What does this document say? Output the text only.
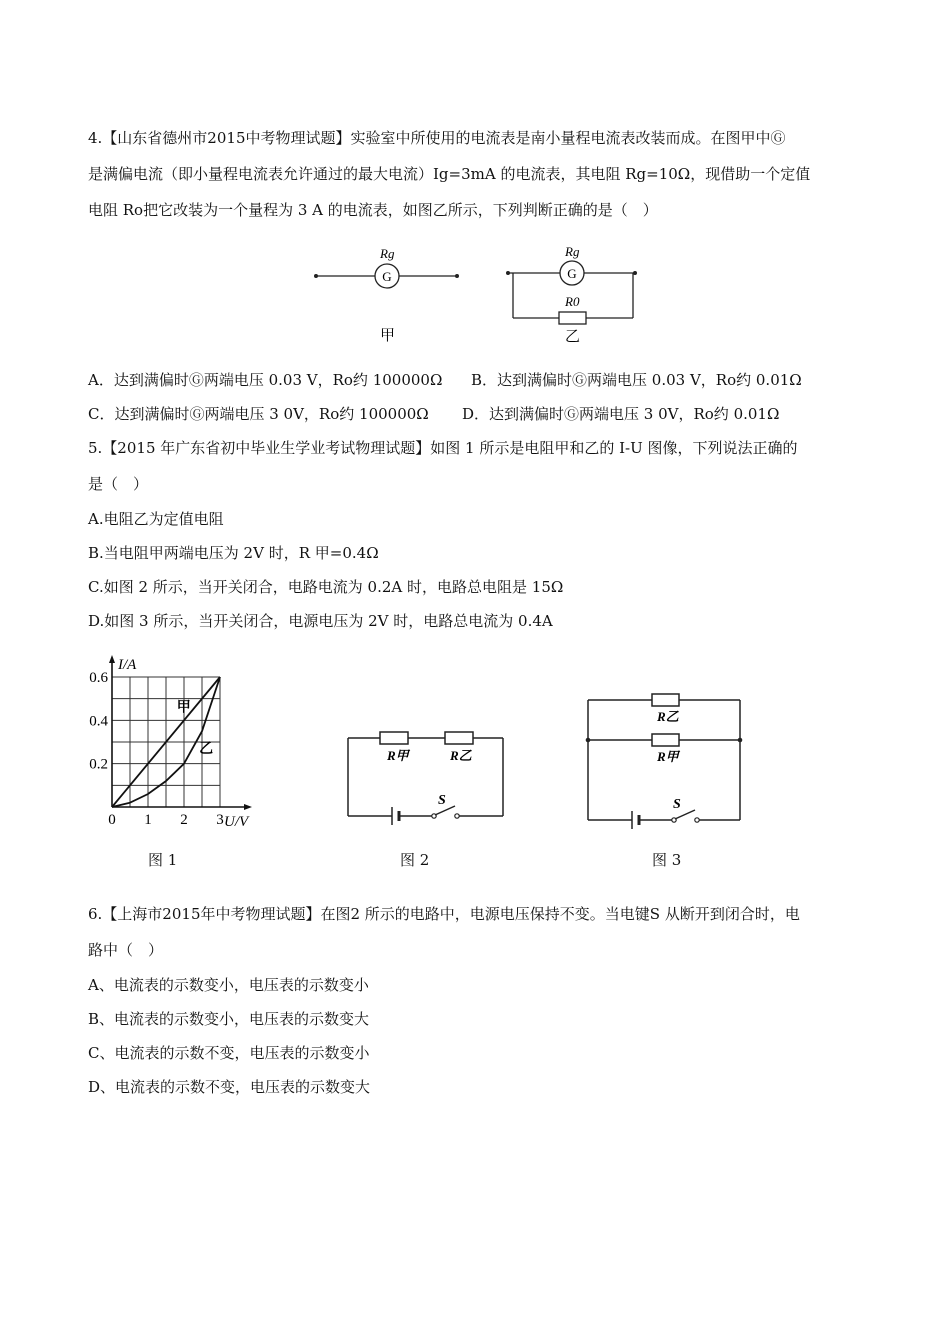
4.【山东省德州市2015中考物理试题】实验室中所使用的电流表是南小量程电流表改装而成。在图甲中Ⓖ
是满偏电流（即小量程电流表允许通过的最大电流）Ig=3mA 的电流表，其电阻 Rg=10Ω，现借助一个定值
电阻 Ro把它改装为一个量程为 3 A 的电流表，如图乙所示，下列判断正确的是（　）
G
Rg
甲
G
Rg
R0
乙
A．达到满偏时Ⓖ两端电压 0.03 V，Ro约 100000Ω B．达到满偏时Ⓖ两端电压 0.03 V，Ro约 0.01Ω
C．达到满偏时Ⓖ两端电压 3 0V，Ro约 100000Ω D．达到满偏时Ⓖ两端电压 3 0V，Ro约 0.01Ω
5.【2015 年广东省初中毕业生学业考试物理试题】如图 1 所示是电阻甲和乙的 I-U 图像，下列说法正确的
是（　）
A.电阻乙为定值电阻
B.当电阻甲两端电压为 2V 时，R 甲=0.4Ω
C.如图 2 所示，当开关闭合，电路电流为 0.2A 时，电路总电阻是 15Ω
D.如图 3 所示，当开关闭合，电源电压为 2V 时，电路总电流为 0.4A
0 1 2 3
0.2
0.4
0.6
I/A
U/V
甲
乙	R甲	R乙
S
R乙
R甲
S
图 1	图 2	图 3
6.【上海市2015年中考物理试题】在图2 所示的电路中，电源电压保持不变。当电键S 从断开到闭合时，电
路中（　）
A、电流表的示数变小，电压表的示数变小
B、电流表的示数变小，电压表的示数变大
C、电流表的示数不变，电压表的示数变小
D、电流表的示数不变，电压表的示数变大
